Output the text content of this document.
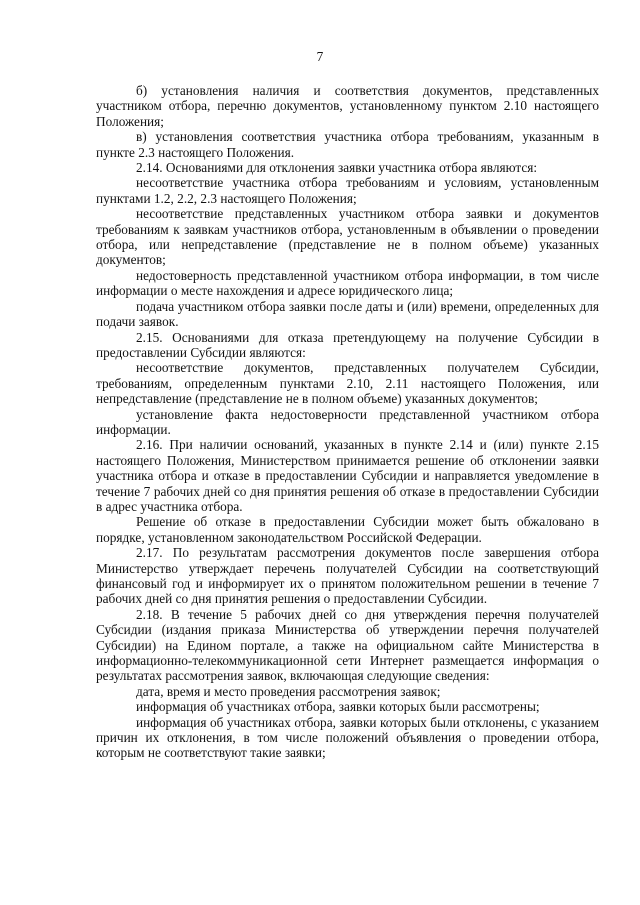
7

б) установления наличия и соответствия документов, представленных участником отбора, перечню документов, установленному пунктом 2.10 настоящего Положения;

в) установления соответствия участника отбора требованиям, указанным в пункте 2.3 настоящего Положения.

2.14. Основаниями для отклонения заявки участника отбора являются:

несоответствие участника отбора требованиям и условиям, установленным пунктами 1.2, 2.2, 2.3 настоящего Положения;

несоответствие представленных участником отбора заявки и документов требованиям к заявкам участников отбора, установленным в объявлении о проведении отбора, или непредставление (представление не в полном объеме) указанных документов;

недостоверность представленной участником отбора информации, в том числе информации о месте нахождения и адресе юридического лица;

подача участником отбора заявки после даты и (или) времени, определенных для подачи заявок.

2.15. Основаниями для отказа претендующему на получение Субсидии в предоставлении Субсидии являются:

несоответствие документов, представленных получателем Субсидии, требованиям, определенным пунктами 2.10, 2.11 настоящего Положения, или непредставление (представление не в полном объеме) указанных документов;

установление факта недостоверности представленной участником отбора информации.

2.16. При наличии оснований, указанных в пункте 2.14 и (или) пункте 2.15 настоящего Положения, Министерством принимается решение об отклонении заявки участника отбора и отказе в предоставлении Субсидии и направляется уведомление в течение 7 рабочих дней со дня принятия решения об отказе в предоставлении Субсидии в адрес участника отбора.

Решение об отказе в предоставлении Субсидии может быть обжаловано в порядке, установленном законодательством Российской Федерации.

2.17. По результатам рассмотрения документов после завершения отбора Министерство утверждает перечень получателей Субсидии на соответствующий финансовый год и информирует их о принятом положительном решении в течение 7 рабочих дней со дня принятия решения о предоставлении Субсидии.

2.18. В течение 5 рабочих дней со дня утверждения перечня получателей Субсидии (издания приказа Министерства об утверждении перечня получателей Субсидии) на Едином портале, а также на официальном сайте Министерства в информационно-телекоммуникационной сети Интернет размещается информация о результатах рассмотрения заявок, включающая следующие сведения:

дата, время и место проведения рассмотрения заявок;

информация об участниках отбора, заявки которых были рассмотрены;

информация об участниках отбора, заявки которых были отклонены, с указанием причин их отклонения, в том числе положений объявления о проведении отбора, которым не соответствуют такие заявки;
